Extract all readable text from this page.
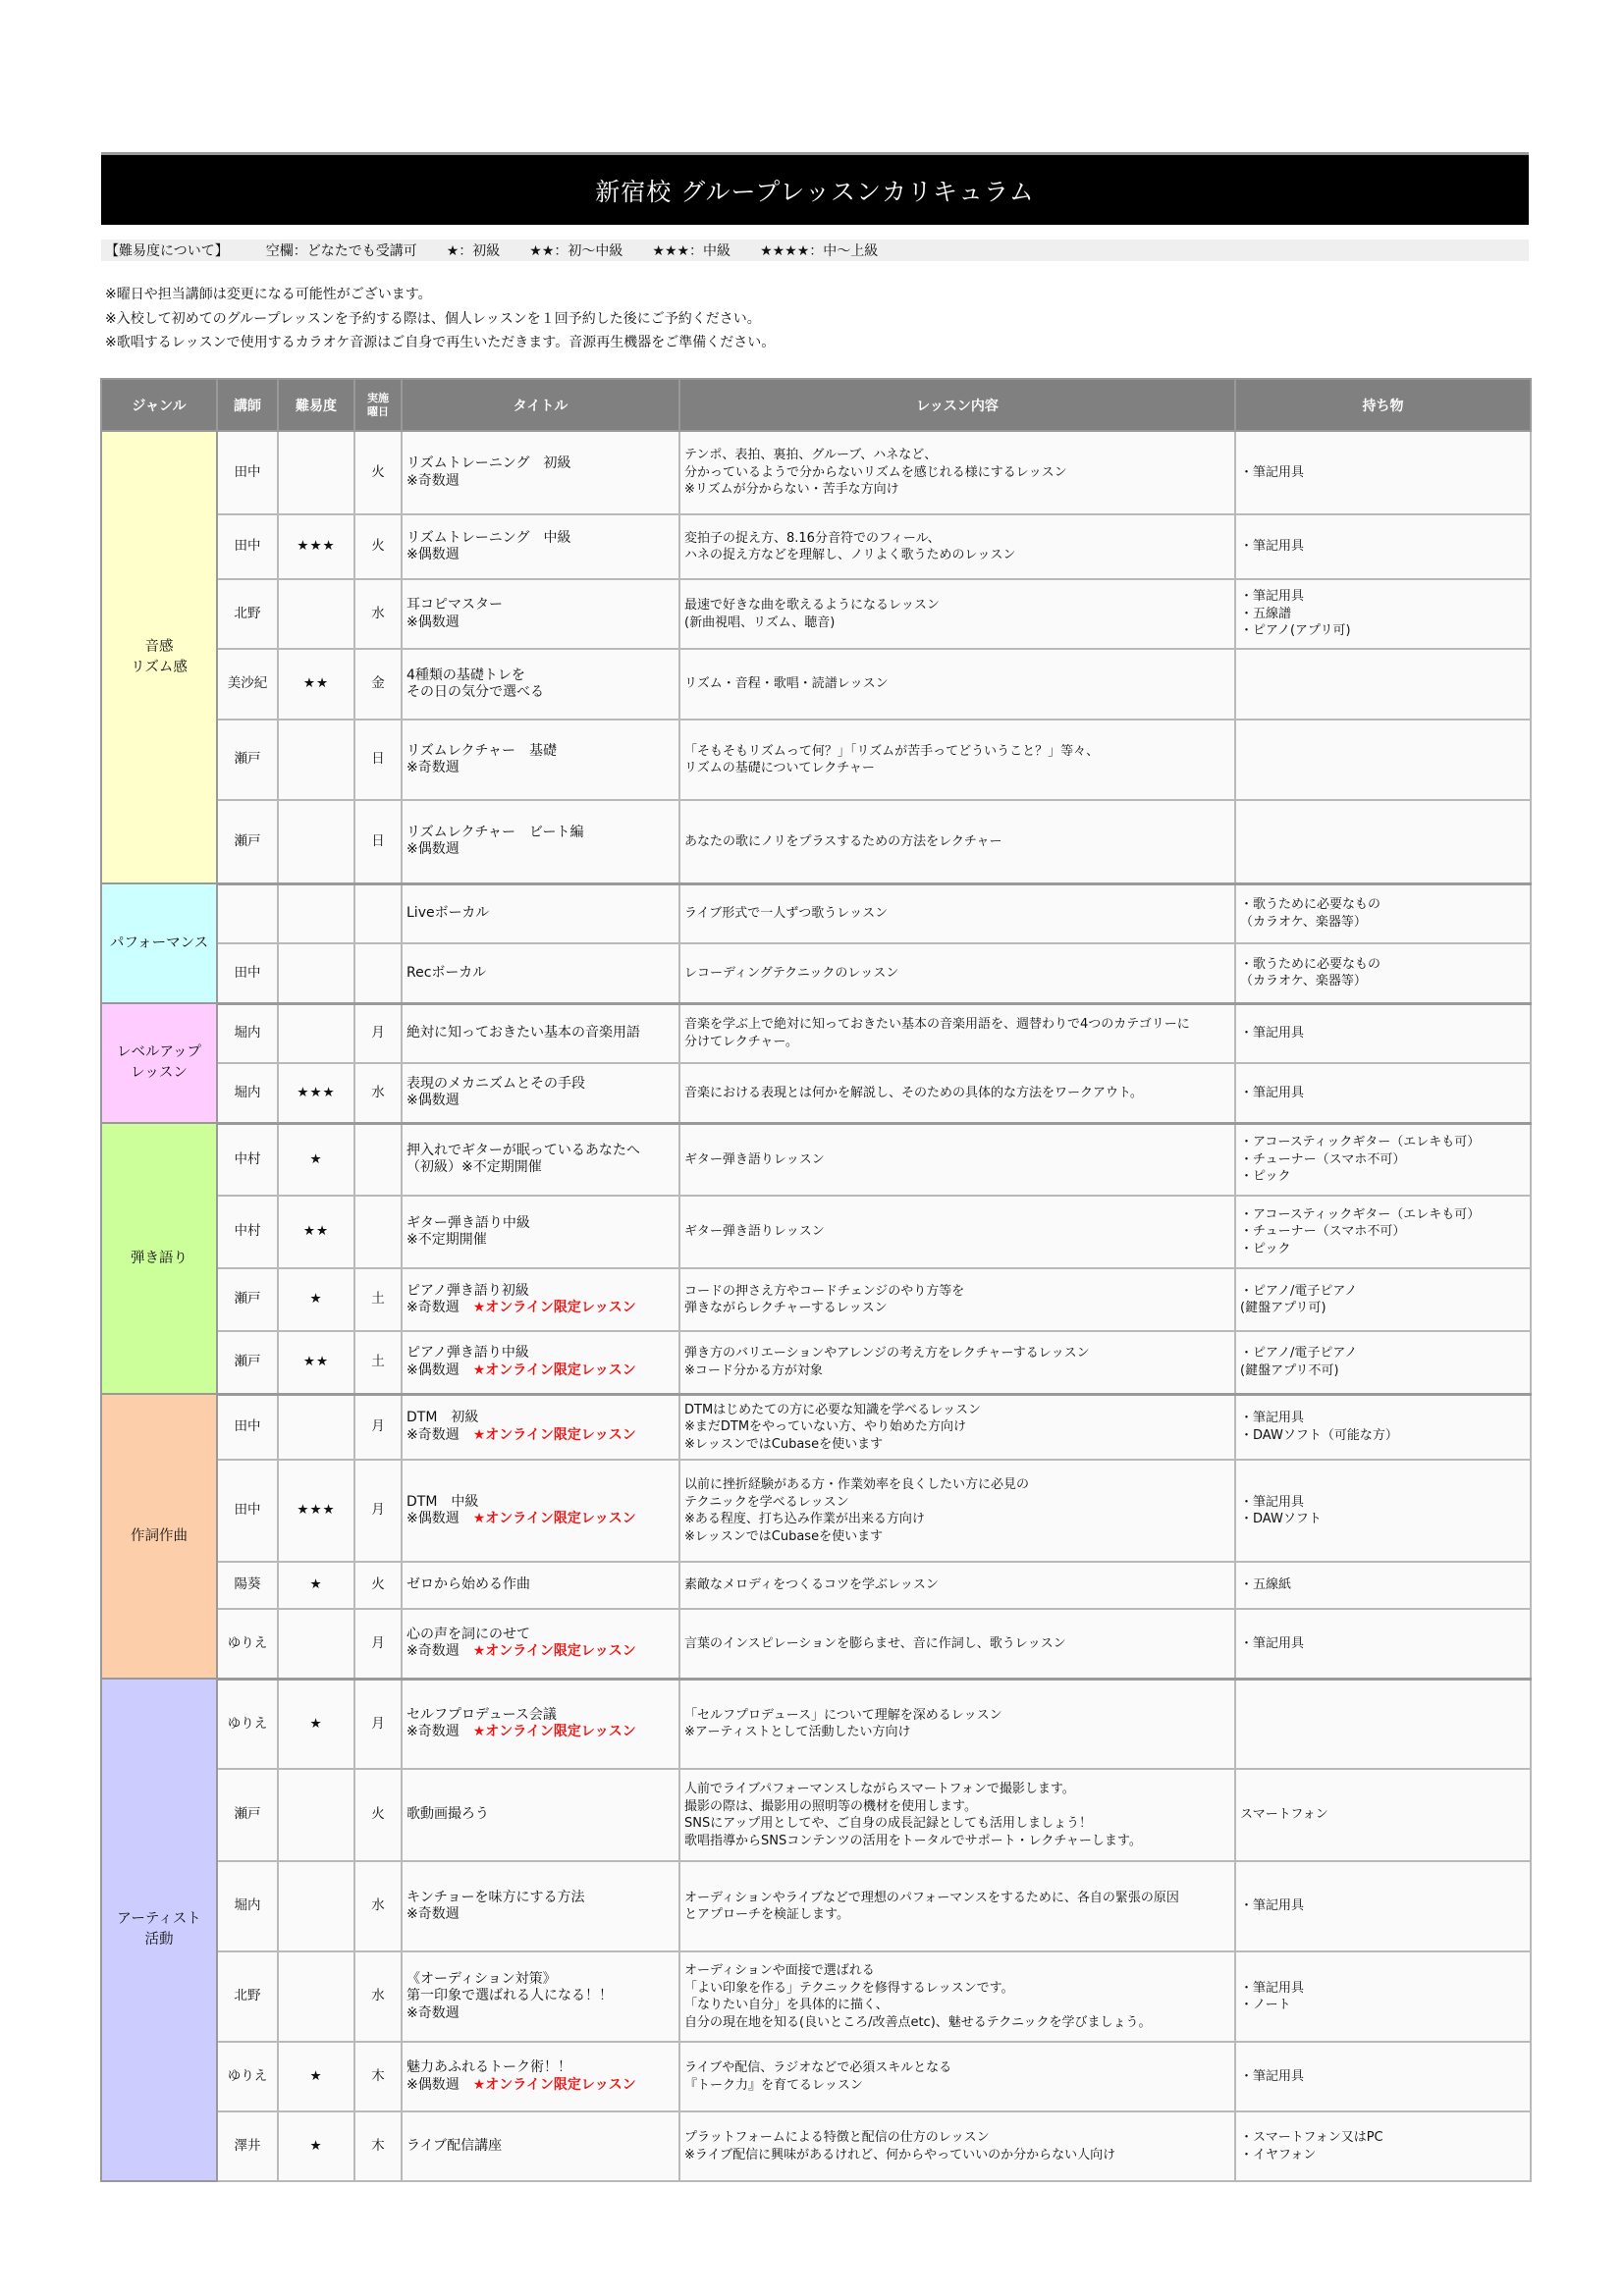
新宿校 グループレッスンカリキュラム
【難易度について】	空欄：どなたでも受講可 ★：初級 ★★：初〜中級 ★★★：中級 ★★★★：中〜上級
※曜日や担当講師は変更になる可能性がございます。
※入校して初めてのグループレッスンを予約する際は、個人レッスンを１回予約した後にご予約ください。
※歌唱するレッスンで使用するカラオケ音源はご自身で再生いただきます。音源再生機器をご準備ください。
ジャンル	講師	難易度	実施
曜日	タイトル	レッスン内容	持ち物
音感
リズム感	田中		火	リズムトレーニング　初級
※奇数週	テンポ、表拍、裏拍、グルーブ、ハネなど、
分かっているようで分からないリズムを感じれる様にするレッスン
※リズムが分からない・苦手な方向け	・筆記用具
	田中	★★★	火	リズムトレーニング　中級
※偶数週	変拍子の捉え方、8.16分音符でのフィール、
ハネの捉え方などを理解し、ノリよく歌うためのレッスン	・筆記用具
	北野		水	耳コピマスター
※偶数週	最速で好きな曲を歌えるようになるレッスン
(新曲視唱、リズム、聴音)	・筆記用具
・五線譜
・ピアノ(アプリ可)
	美沙紀	★★	金	4種類の基礎トレを
その日の気分で選べる	リズム・音程・歌唱・読譜レッスン	
	瀬戸		日	リズムレクチャー　基礎
※奇数週	「そもそもリズムって何？」「リズムが苦手ってどういうこと？」等々、
リズムの基礎についてレクチャー	
	瀬戸		日	リズムレクチャー　ビート編
※偶数週	あなたの歌にノリをプラスするための方法をレクチャー	
パフォーマンス				Liveボーカル	ライブ形式で一人ずつ歌うレッスン	・歌うために必要なもの
（カラオケ、楽器等）
	田中			Recボーカル	レコーディングテクニックのレッスン	・歌うために必要なもの
（カラオケ、楽器等）
レベルアップ
レッスン	堀内		月	絶対に知っておきたい基本の音楽用語	音楽を学ぶ上で絶対に知っておきたい基本の音楽用語を、週替わりで4つのカテゴリーに
分けてレクチャー。	・筆記用具
	堀内	★★★	水	表現のメカニズムとその手段
※偶数週	音楽における表現とは何かを解説し、そのための具体的な方法をワークアウト。	・筆記用具
弾き語り	中村	★		押入れでギターが眠っているあなたへ
（初級）※不定期開催	ギター弾き語りレッスン	・アコースティックギター（エレキも可）
・チューナー（スマホ不可）
・ピック
	中村	★★		ギター弾き語り中級
※不定期開催	ギター弾き語りレッスン	・アコースティックギター（エレキも可）
・チューナー（スマホ不可）
・ピック
	瀬戸	★	土	ピアノ弾き語り初級
※奇数週 ★オンライン限定レッスン	コードの押さえ方やコードチェンジのやり方等を
弾きながらレクチャーするレッスン	・ピアノ/電子ピアノ
(鍵盤アプリ可)
	瀬戸	★★	土	ピアノ弾き語り中級
※偶数週 ★オンライン限定レッスン	弾き方のバリエーションやアレンジの考え方をレクチャーするレッスン
※コード分かる方が対象	・ピアノ/電子ピアノ
(鍵盤アプリ不可)
作詞作曲	田中		月	DTM　初級
※奇数週 ★オンライン限定レッスン	DTMはじめたての方に必要な知識を学べるレッスン
※まだDTMをやっていない方、やり始めた方向け
※レッスンではCubaseを使います	・筆記用具
・DAWソフト（可能な方）
	田中	★★★	月	DTM　中級
※偶数週 ★オンライン限定レッスン	以前に挫折経験がある方・作業効率を良くしたい方に必見の
テクニックを学べるレッスン
※ある程度、打ち込み作業が出来る方向け
※レッスンではCubaseを使います	・筆記用具
・DAWソフト
	陽葵	★	火	ゼロから始める作曲	素敵なメロディをつくるコツを学ぶレッスン	・五線紙
	ゆりえ		月	心の声を詞にのせて
※奇数週 ★オンライン限定レッスン	言葉のインスピレーションを膨らませ、音に作詞し、歌うレッスン	・筆記用具
アーティスト
活動	ゆりえ	★	月	セルフプロデュース会議
※奇数週 ★オンライン限定レッスン	「セルフプロデュース」について理解を深めるレッスン
※アーティストとして活動したい方向け	
	瀬戸		火	歌動画撮ろう	人前でライブパフォーマンスしながらスマートフォンで撮影します。
撮影の際は、撮影用の照明等の機材を使用します。
SNSにアップ用としてや、ご自身の成長記録としても活用しましょう！
歌唱指導からSNSコンテンツの活用をトータルでサポート・レクチャーします。	スマートフォン
	堀内		水	キンチョーを味方にする方法
※奇数週	オーディションやライブなどで理想のパフォーマンスをするために、各自の緊張の原因
とアプローチを検証します。	・筆記用具
	北野		水	《オーディション対策》
第一印象で選ばれる人になる！！
※奇数週	オーディションや面接で選ばれる
「よい印象を作る」テクニックを修得するレッスンです。
「なりたい自分」を具体的に描く、
自分の現在地を知る(良いところ/改善点etc)、魅せるテクニックを学びましょう。	・筆記用具
・ノート
	ゆりえ	★	木	魅力あふれるトーク術！！
※偶数週 ★オンライン限定レッスン	ライブや配信、ラジオなどで必須スキルとなる
『トーク力』を育てるレッスン	・筆記用具
	澤井	★	木	ライブ配信講座	プラットフォームによる特徴と配信の仕方のレッスン
※ライブ配信に興味があるけれど、何からやっていいのか分からない人向け	・スマートフォン又はPC
・イヤフォン
